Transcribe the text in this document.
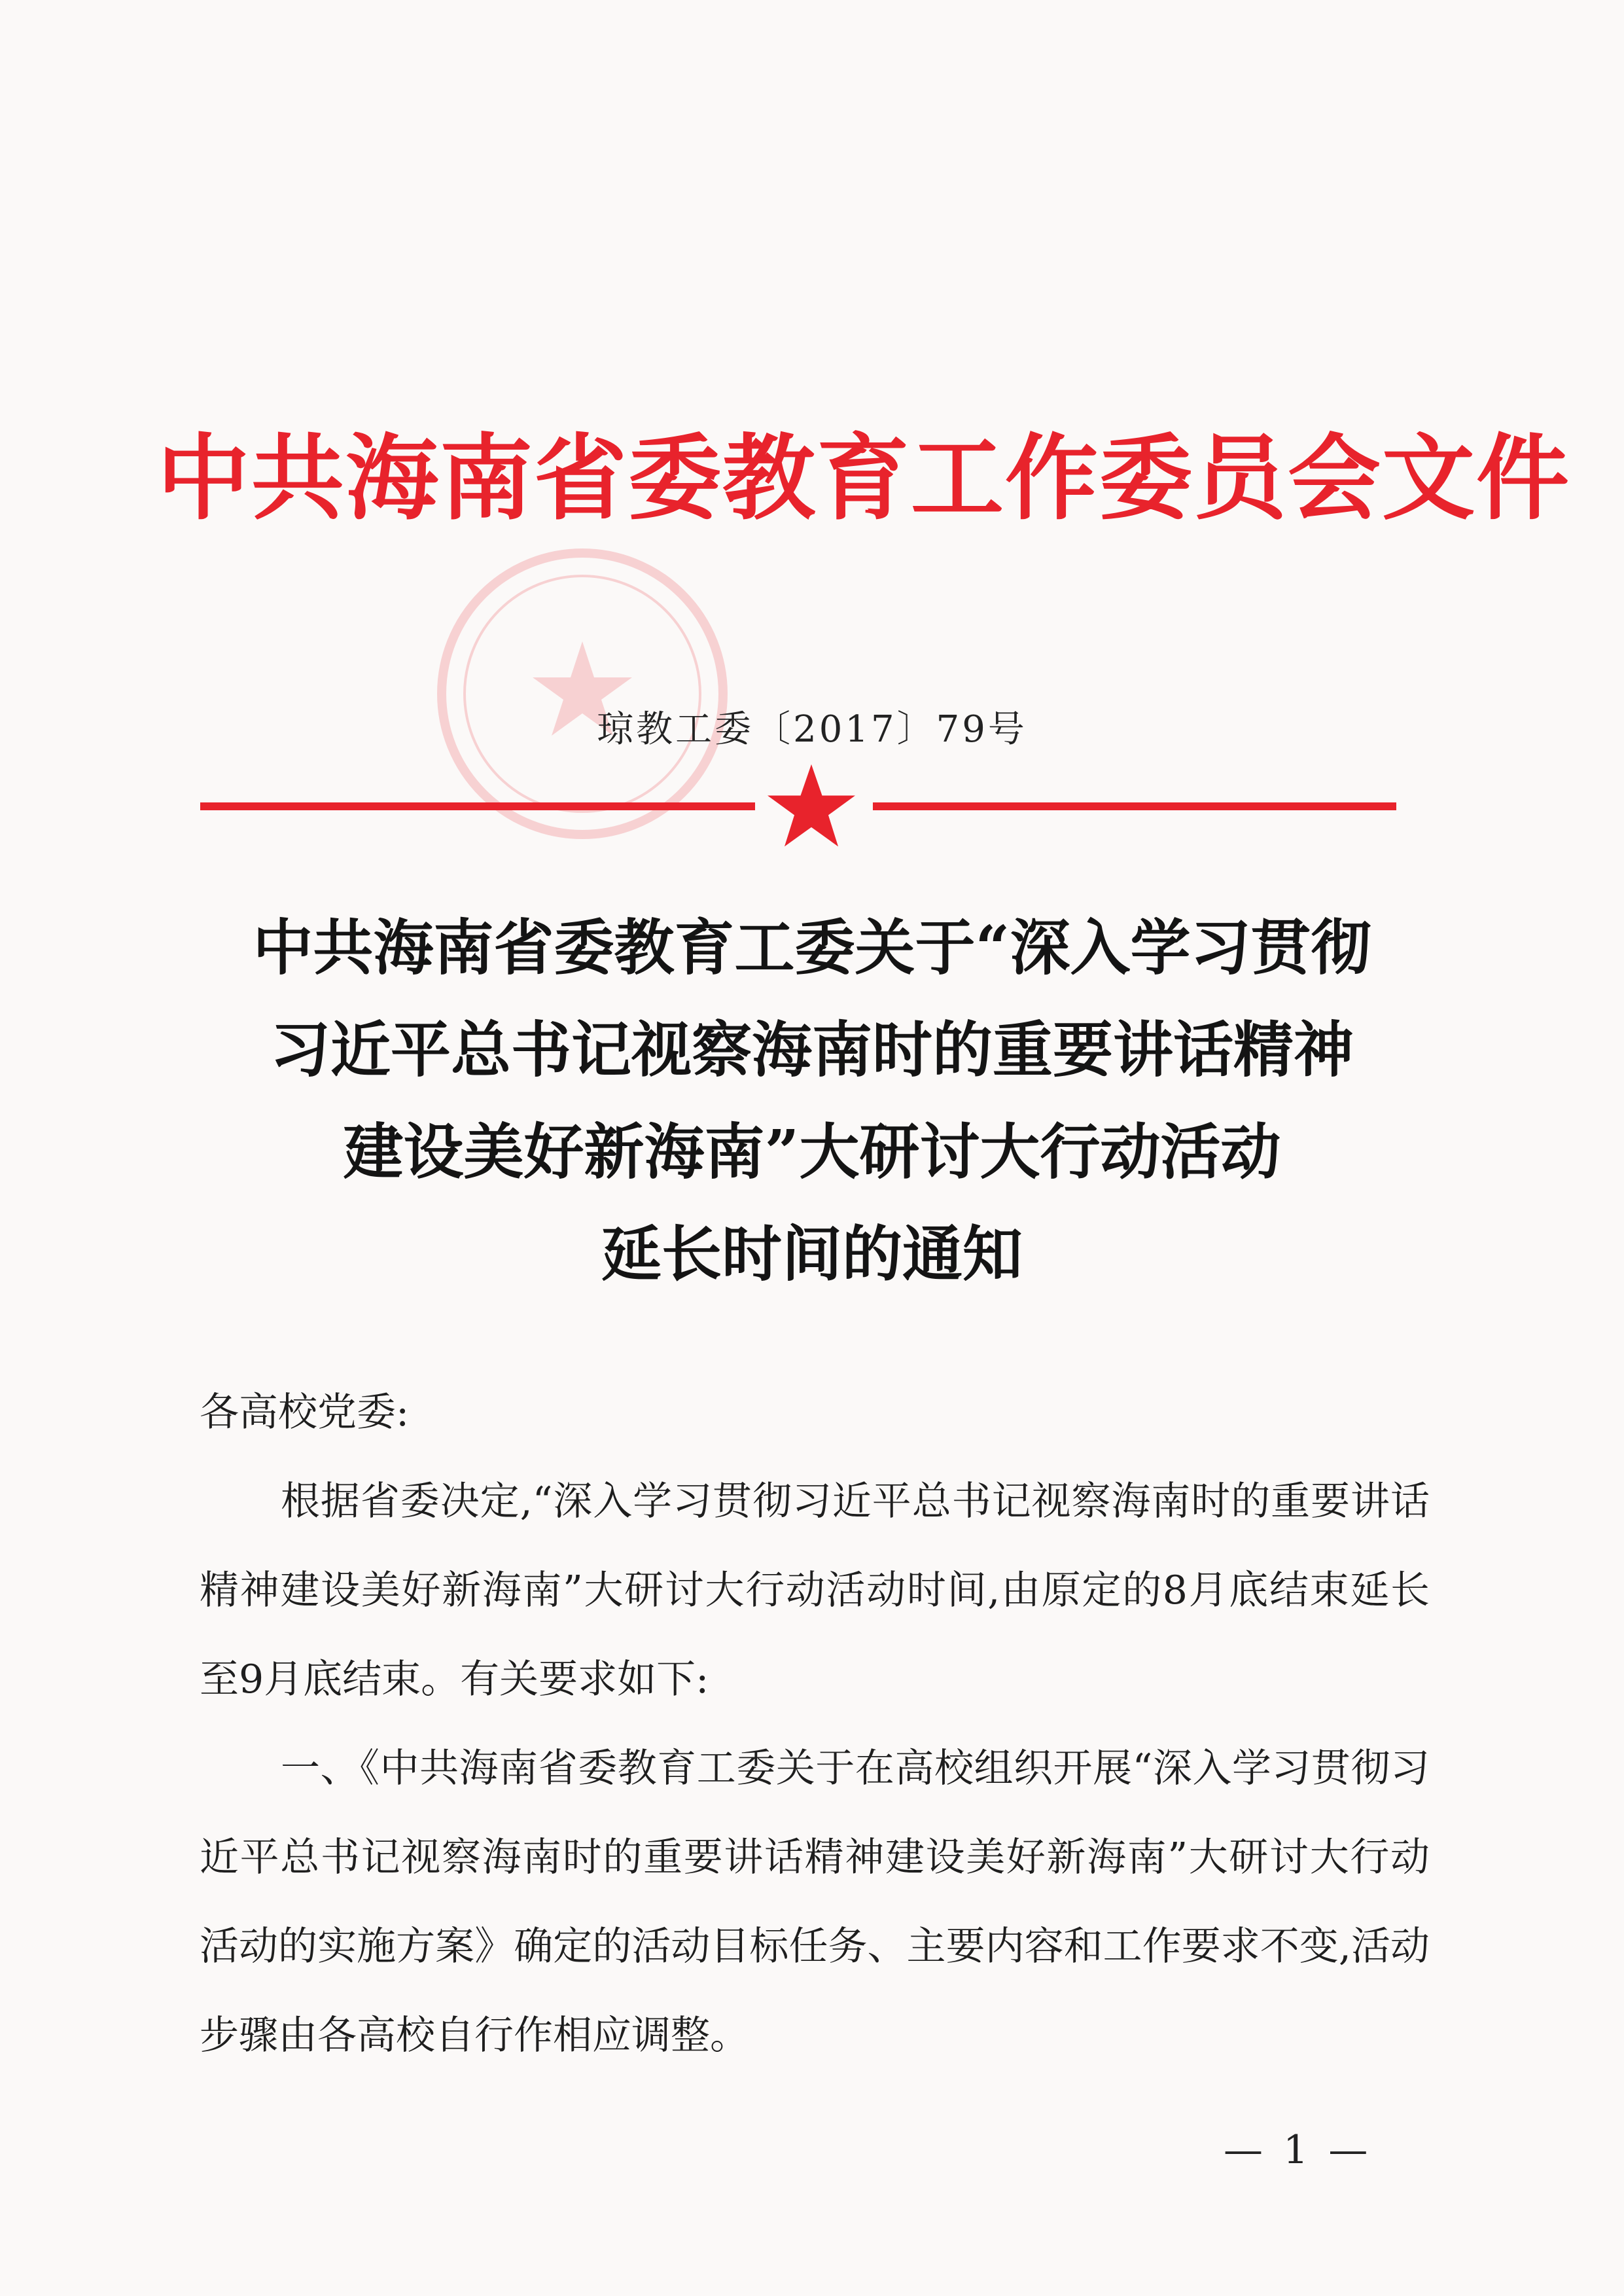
中共海南省委教育工作委员会文件
琼教工委〔2017〕79号
中共海南省委教育工委关于“深入学习贯彻
习近平总书记视察海南时的重要讲话精神
建设美好新海南”大研讨大行动活动
延长时间的通知
各高校党委:
根据省委决定,“深入学习贯彻习近平总书记视察海南时的重要讲话精神建设美好新海南”大研讨大行动活动时间,由原定的8月底结束延长至9月底结束。有关要求如下:
一、《中共海南省委教育工委关于在高校组织开展“深入学习贯彻习近平总书记视察海南时的重要讲话精神建设美好新海南”大研讨大行动活动的实施方案》确定的活动目标任务、主要内容和工作要求不变,活动步骤由各高校自行作相应调整。
— 1 —
